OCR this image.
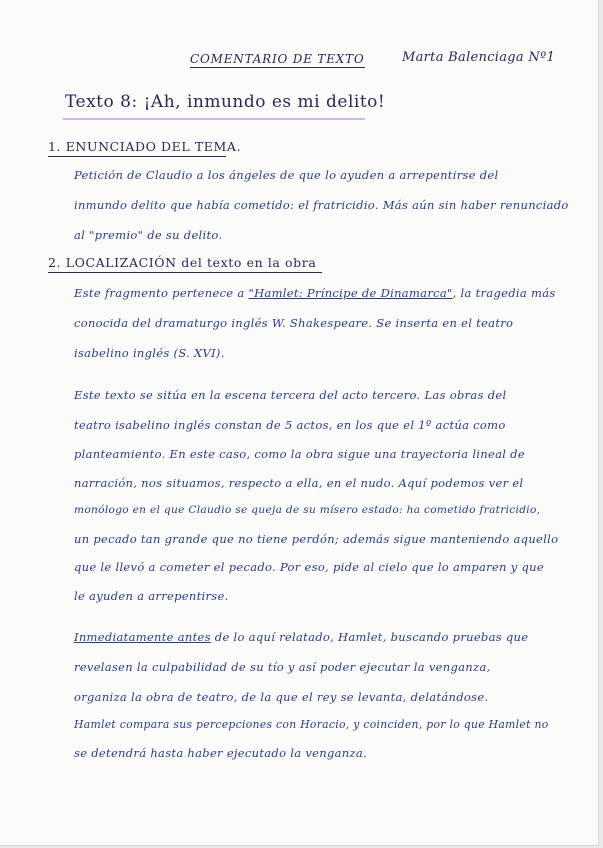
COMENTARIO DE TEXTO	Marta Balenciaga Nº1
Texto 8: ¡Ah, inmundo es mi delito!
1. ENUNCIADO DEL TEMA.
Petición de Claudio a los ángeles de que lo ayuden a arrepentirse del
inmundo delito que había cometido: el fratricidio. Más aún sin haber renunciado
al "premio" de su delito.
2. LOCALIZACIÓN del texto en la obra
Este fragmento pertenece a "Hamlet: Príncipe de Dinamarca", la tragedia más
conocida del dramaturgo inglés W. Shakespeare. Se inserta en el teatro
isabelino inglés (S. XVI).
Este texto se sitúa en la escena tercera del acto tercero. Las obras del
teatro isabelino inglés constan de 5 actos, en los que el 1º actúa como
planteamiento. En este caso, como la obra sigue una trayectoria lineal de
narración, nos situamos, respecto a ella, en el nudo. Aquí podemos ver el
monólogo en el que Claudio se queja de su mísero estado: ha cometido fratricidio,
un pecado tan grande que no tiene perdón; además sigue manteniendo aquello
que le llevó a cometer el pecado. Por eso, pide al cielo que lo amparen y que
le ayuden a arrepentirse.
Inmediatamente antes de lo aquí relatado, Hamlet, buscando pruebas que
revelasen la culpabilidad de su tío y así poder ejecutar la venganza,
organiza la obra de teatro, de la que el rey se levanta, delatándose.
Hamlet compara sus percepciones con Horacio, y coinciden, por lo que Hamlet no
se detendrá hasta haber ejecutado la venganza.
